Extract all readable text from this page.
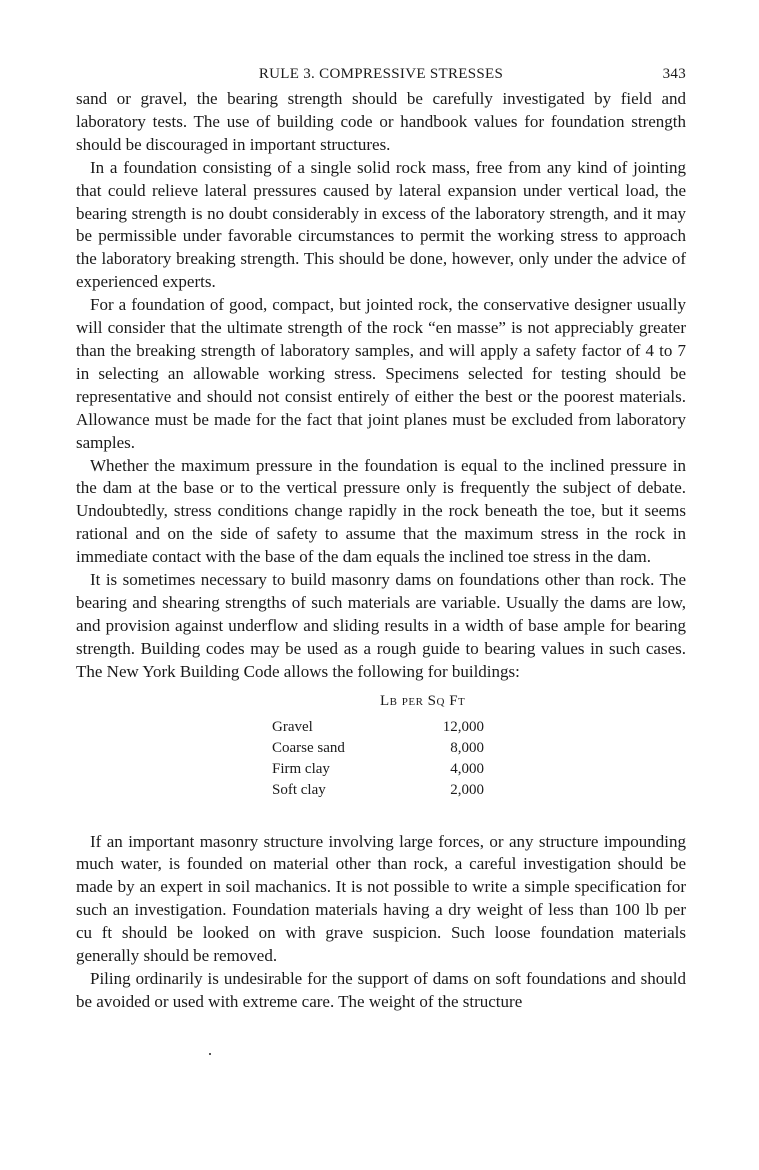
RULE 3. COMPRESSIVE STRESSES	343

sand or gravel, the bearing strength should be carefully investigated by field and laboratory tests. The use of building code or handbook values for foundation strength should be discouraged in important structures.

In a foundation consisting of a single solid rock mass, free from any kind of jointing that could relieve lateral pressures caused by lateral expansion under vertical load, the bearing strength is no doubt considerably in excess of the laboratory strength, and it may be permissible under favorable circumstances to permit the working stress to approach the laboratory breaking strength. This should be done, however, only under the advice of experienced experts.

For a foundation of good, compact, but jointed rock, the conservative designer usually will consider that the ultimate strength of the rock “en masse” is not appreciably greater than the breaking strength of laboratory samples, and will apply a safety factor of 4 to 7 in selecting an allowable working stress. Specimens selected for testing should be representative and should not consist entirely of either the best or the poorest materials. Allowance must be made for the fact that joint planes must be excluded from laboratory samples.

Whether the maximum pressure in the foundation is equal to the inclined pressure in the dam at the base or to the vertical pressure only is frequently the subject of debate. Undoubtedly, stress conditions change rapidly in the rock beneath the toe, but it seems rational and on the side of safety to assume that the maximum stress in the rock in immediate contact with the base of the dam equals the inclined toe stress in the dam.

It is sometimes necessary to build masonry dams on foundations other than rock. The bearing and shearing strengths of such materials are variable. Usually the dams are low, and provision against underflow and sliding results in a width of base ample for bearing strength. Building codes may be used as a rough guide to bearing values in such cases. The New York Building Code allows the following for buildings:

Lb per Sq Ft
Gravel	12,000
Coarse sand	8,000
Firm clay	4,000
Soft clay	2,000

If an important masonry structure involving large forces, or any structure impounding much water, is founded on material other than rock, a careful investigation should be made by an expert in soil machanics. It is not possible to write a simple specification for such an investigation. Foundation materials having a dry weight of less than 100 lb per cu ft should be looked on with grave suspicion. Such loose foundation materials generally should be removed.

Piling ordinarily is undesirable for the support of dams on soft foundations and should be avoided or used with extreme care. The weight of the structure
